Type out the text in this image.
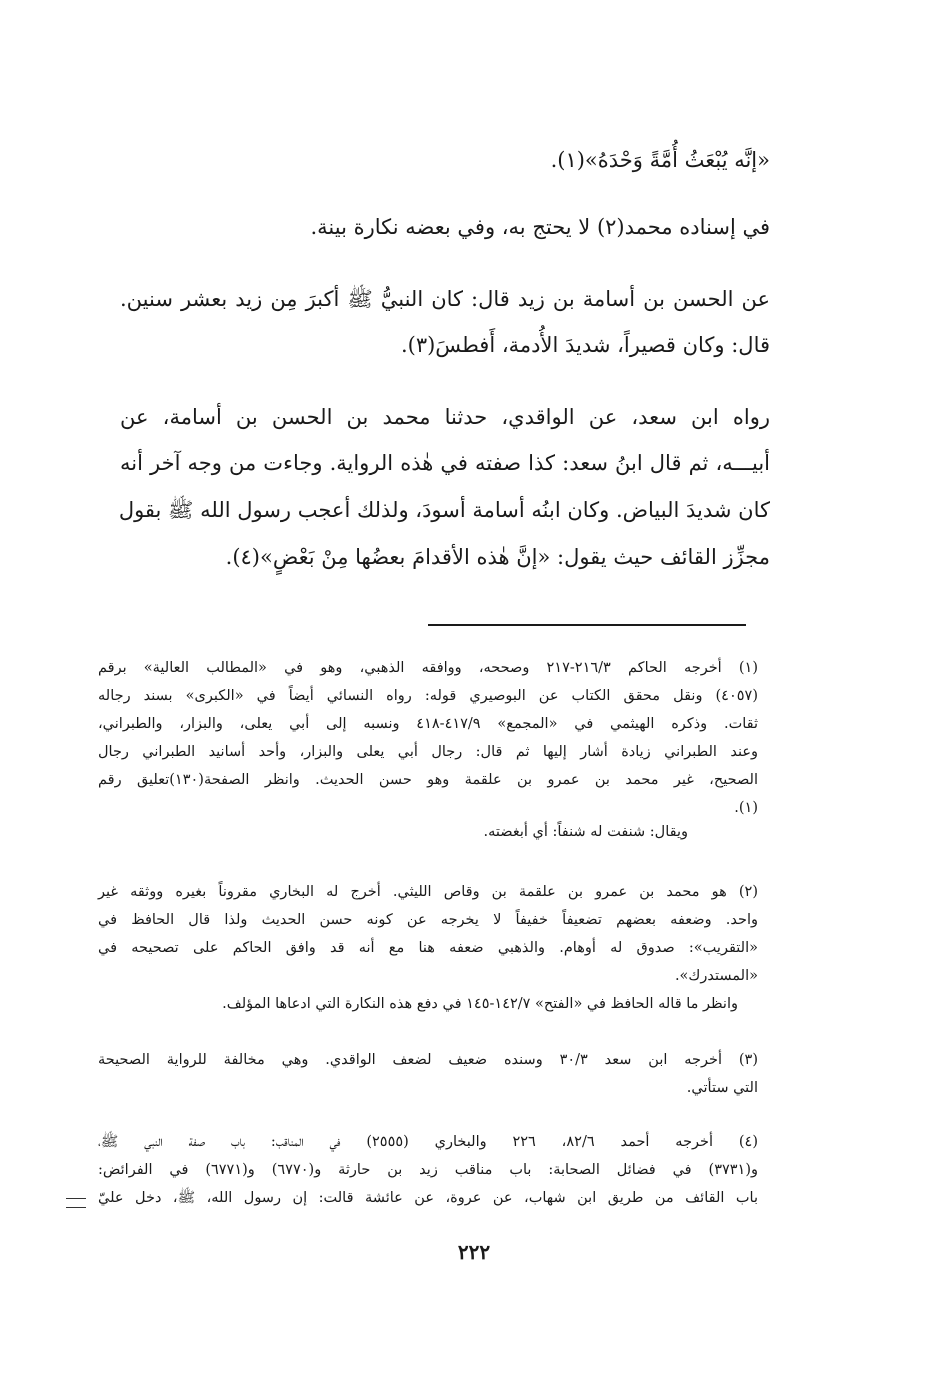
«إنَّه يُبْعَثُ أُمَّةً وَحْدَهُ»(١).

في إسناده محمد(٢) لا يحتج به، وفي بعضه نكارة بينة.

عن الحسن بن أسامة بن زيد قال: كان النبيُّ ﷺ أكبرَ مِن زيد بعشر سنين.

قال: وكان قصيراً، شديدَ الأُدمة، أَفطسَ(٣).

رواه ابن سعد، عن الواقدي، حدثنا محمد بن الحسن بن أسامة، عن

أبيـــه، ثم قال ابنُ سعد: كذا صفته في هٰذه الرواية. وجاءت من وجه آخر أنه

كان شديدَ البياض. وكان ابنُه أسامة أسودَ، ولذلك أعجب رسول الله ﷺ بقول

مجزِّز القائف حيث يقول: «إنَّ هٰذه الأقدامَ بعضُها مِنْ بَعْضٍ»(٤).

(١) أخرجه الحاكم ٢١٦/٣-٢١٧ وصححه، ووافقه الذهبي، وهو في «المطالب العالية» برقم

(٤٠٥٧) ونقل محقق الكتاب عن البوصيري قوله: رواه النسائي أيضاً في «الكبرى» بسند رجاله

ثقات. وذكره الهيثمي في «المجمع» ٤١٧/٩-٤١٨ ونسبه إلى أبي يعلى، والبزار، والطبراني،

وعند الطبراني زيادة أشار إليها ثم قال: رجال أبي يعلى والبزار، وأحد أسانيد الطبراني رجال

الصحيح، غير محمد بن عمرو بن علقمة وهو حسن الحديث. وانظر الصفحة(١٣٠)تعليق رقم

(١).

ويقال: شنفت له شنفاً: أي أبغضته.

(٢) هو محمد بن عمرو بن علقمة بن وقاص الليثي. أخرج له البخاري مقروناً بغيره ووثقه غير

واحد. وضعفه بعضهم تضعيفاً خفيفاً لا يخرجه عن كونه حسن الحديث ولذا قال الحافظ في

«التقريب»: صدوق له أوهام. والذهبي ضعفه هنا مع أنه قد وافق الحاكم على تصحيحه في

«المستدرك».

وانظر ما قاله الحافظ في «الفتح» ١٤٢/٧-١٤٥ في دفع هذه النكارة التي ادعاها المؤلف.

(٣) أخرجه ابن سعد ٣٠/٣ وسنده ضعيف لضعف الواقدي. وهي مخالفة للرواية الصحيحة

التي ستأتي.

(٤) أخرجه أحمد ٨٢/٦، ٢٢٦ والبخاري (٢٥٥٥) في المناقب: باب صفة النبي ﷺ،

و(٣٧٣١) في فضائل الصحابة: باب مناقب زيد بن حارثة و(٦٧٧٠) و(٦٧٧١) في الفرائض:

باب القائف من طريق ابن شهاب، عن عروة، عن عائشة قالت: إن رسول الله، ﷺ، دخل عليّ

٢٢٢
